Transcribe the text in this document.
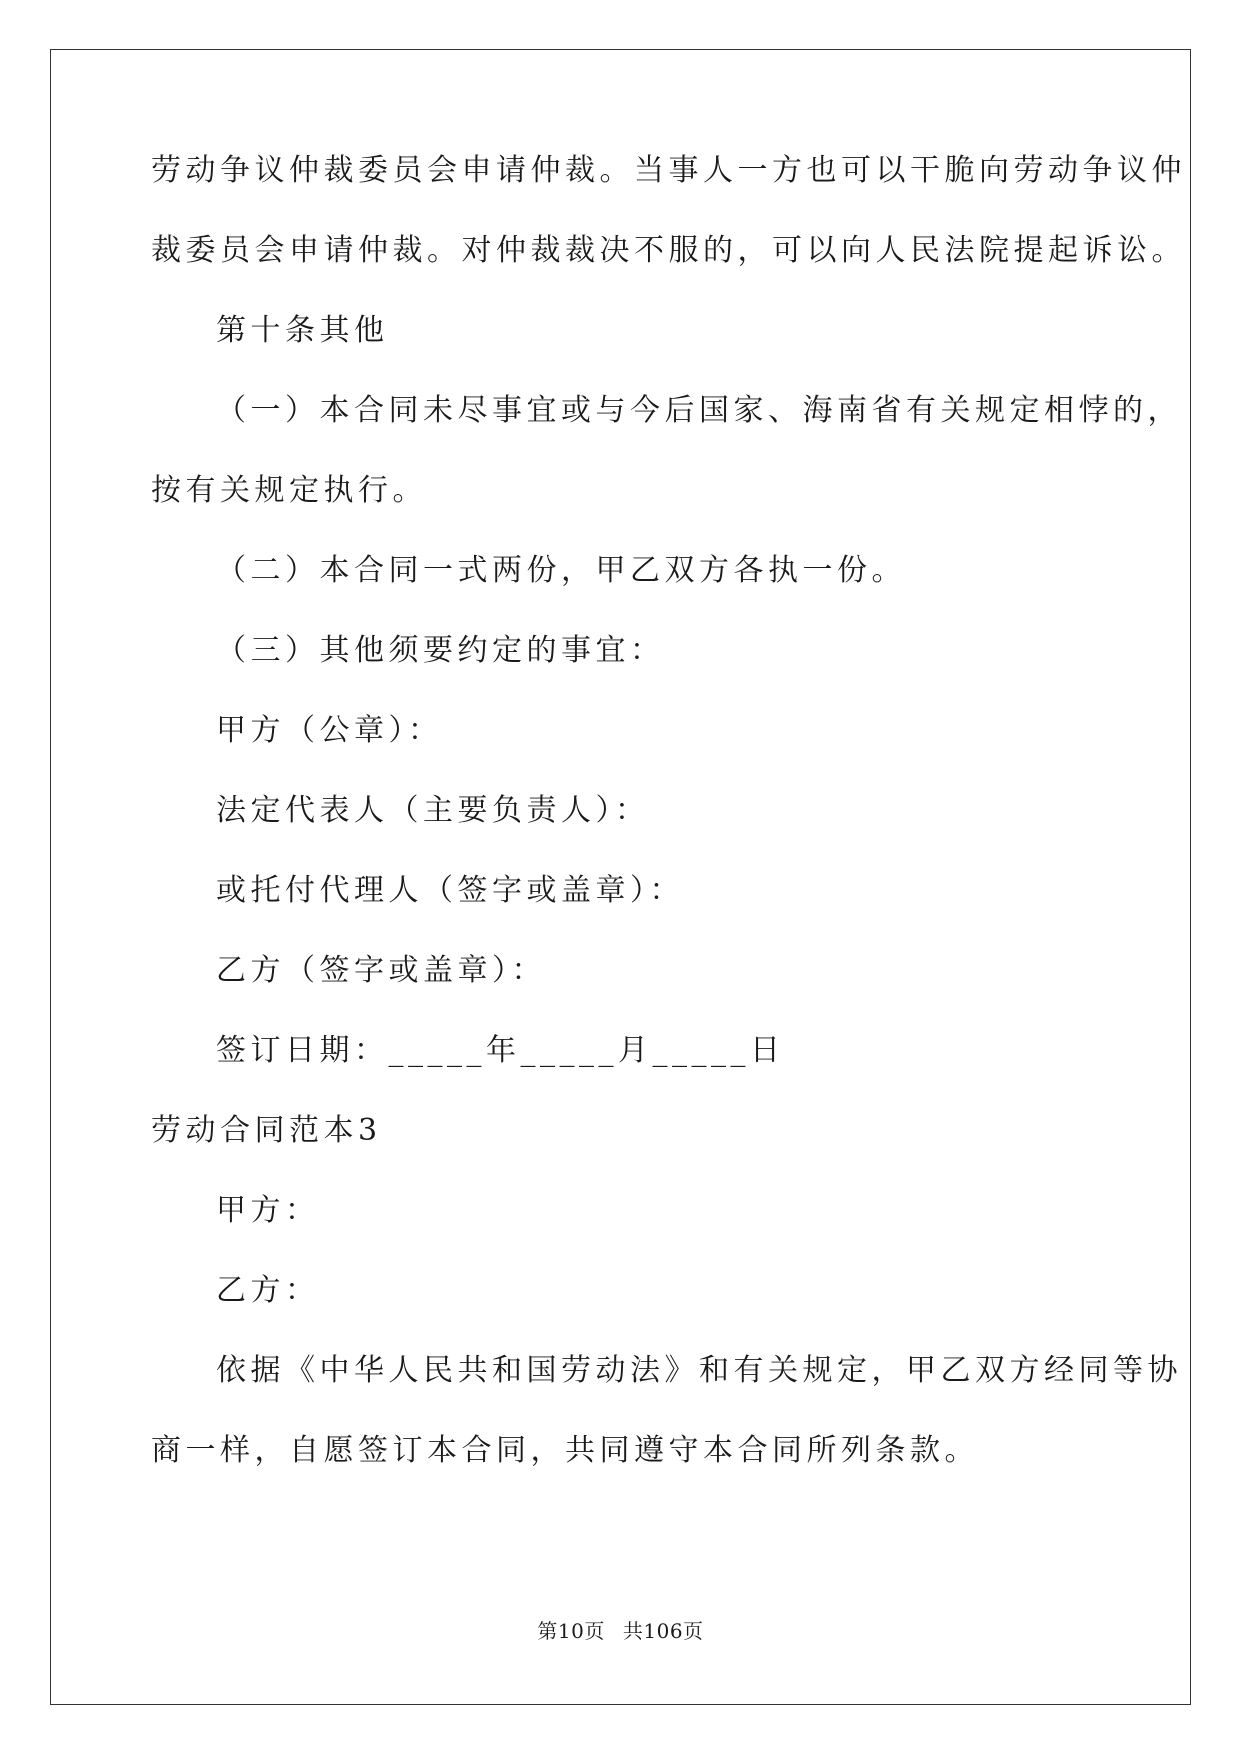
劳动争议仲裁委员会申请仲裁。当事人一方也可以干脆向劳动争议仲
裁委员会申请仲裁。对仲裁裁决不服的，可以向人民法院提起诉讼。
第十条其他
（一）本合同未尽事宜或与今后国家、海南省有关规定相悖的，
按有关规定执行。
（二）本合同一式两份，甲乙双方各执一份。
（三）其他须要约定的事宜：
甲方（公章）：
法定代表人（主要负责人）：
或托付代理人（签字或盖章）：
乙方（签字或盖章）：
签订日期：_____年_____月_____日
劳动合同范本3
甲方：
乙方：
依据《中华人民共和国劳动法》和有关规定，甲乙双方经同等协
商一样，自愿签订本合同，共同遵守本合同所列条款。
第10页 共106页
